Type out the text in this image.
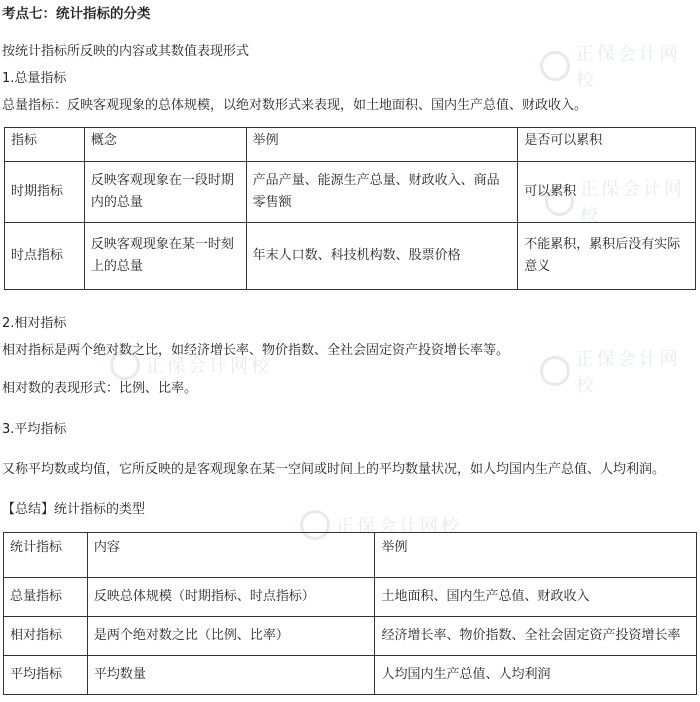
正保会计网校
正保会计网校
正保会计网校
正保会计网校
正保会计网校
考点七：统计指标的分类
按统计指标所反映的内容或其数值表现形式
1.总量指标
总量指标：反映客观现象的总体规模，以绝对数形式来表现，如土地面积、国内生产总值、财政收入。
指标	概念	举例	是否可以累积
时期指标	反映客观现象在一段时期内的总量	产品产量、能源生产总量、财政收入、商品零售额	可以累积
时点指标	反映客观现象在某一时刻上的总量	年末人口数、科技机构数、股票价格	不能累积，累积后没有实际意义
2.相对指标
相对指标是两个绝对数之比，如经济增长率、物价指数、全社会固定资产投资增长率等。
相对数的表现形式：比例、比率。
3.平均指标
又称平均数或均值，它所反映的是客观现象在某一空间或时间上的平均数量状况，如人均国内生产总值、人均利润。
【总结】统计指标的类型
统计指标	内容	举例
总量指标	反映总体规模（时期指标、时点指标）	土地面积、国内生产总值、财政收入
相对指标	是两个绝对数之比（比例、比率）	经济增长率、物价指数、全社会固定资产投资增长率
平均指标	平均数量	人均国内生产总值、人均利润
